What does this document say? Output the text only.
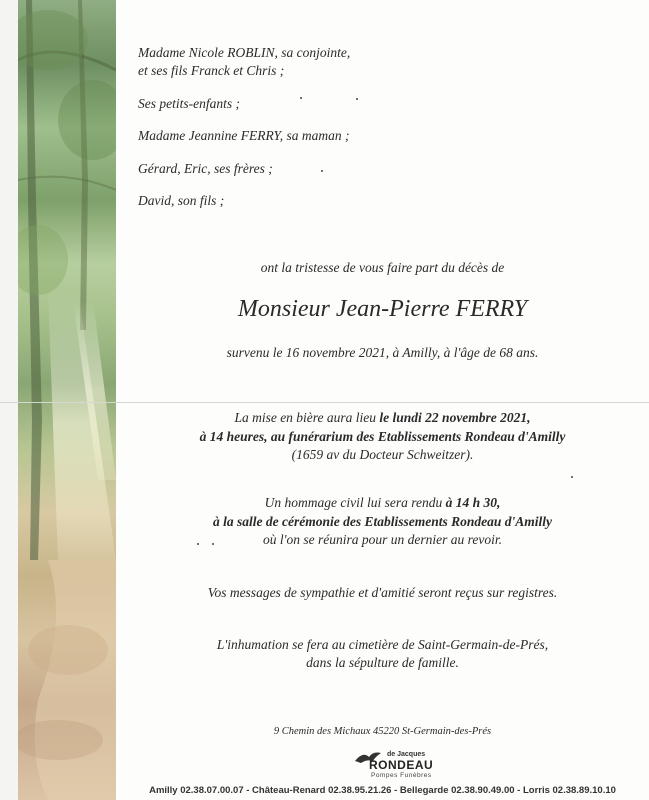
Madame Nicole ROBLIN, sa conjointe,
et ses fils Franck et Chris ;
Ses petits-enfants ;
Madame Jeannine FERRY, sa maman ;
Gérard, Eric, ses frères ;
David, son fils ;
ont la tristesse de vous faire part du décès de
Monsieur Jean-Pierre FERRY
survenu le 16 novembre 2021, à Amilly, à l'âge de 68 ans.
La mise en bière aura lieu le lundi 22 novembre 2021,
à 14 heures, au funérarium des Etablissements Rondeau d'Amilly
(1659 av du Docteur Schweitzer).
Un hommage civil lui sera rendu à 14 h 30,
à la salle de cérémonie des Etablissements Rondeau d'Amilly
où l'on se réunira pour un dernier au revoir.
Vos messages de sympathie et d'amitié seront reçus sur registres.
L'inhumation se fera au cimetière de Saint-Germain-de-Prés,
dans la sépulture de famille.
9 Chemin des Michaux 45220 St-Germain-des-Prés
de Jacques
RONDEAU
Pompes Funèbres
Amilly 02.38.07.00.07 - Château-Renard 02.38.95.21.26 - Bellegarde 02.38.90.49.00 - Lorris 02.38.89.10.10
